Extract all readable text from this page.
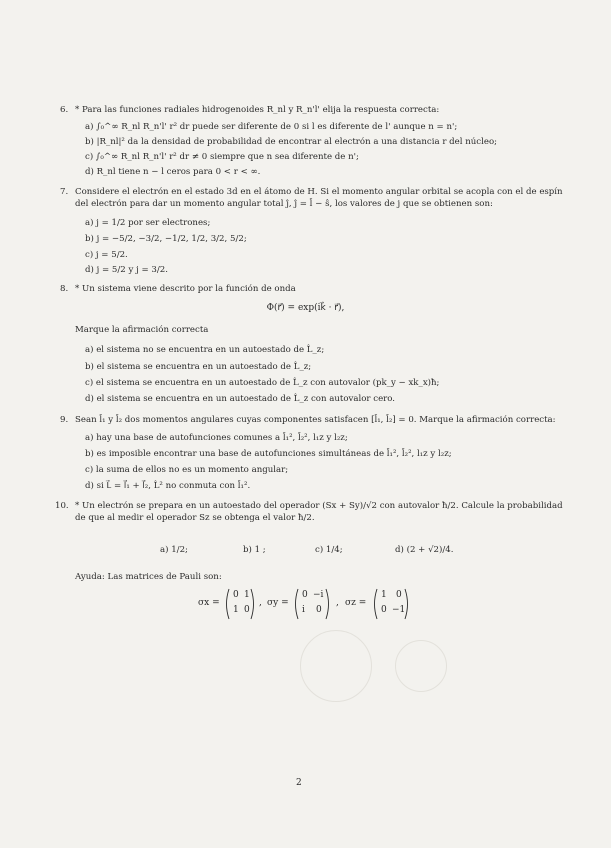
6. * Para las funciones radiales hidrogenoides R_nl y R_n'l' elija la respuesta correcta:
a) ∫₀^∞ R_nl R_n'l' r² dr puede ser diferente de 0 si l es diferente de l' aunque n = n';
b) |R_nl|² da la densidad de probabilidad de encontrar al electrón a una distancia r del núcleo;
c) ∫₀^∞ R_nl R_n'l' r² dr ≠ 0 siempre que n sea diferente de n';
d) R_nl tiene n − l ceros para 0 < r < ∞.
7. Considere el electrón en el estado 3d en el átomo de H. Si el momento angular orbital se acopla con el de espín
del electrón para dar un momento angular total ĵ, ĵ = l̂ − ŝ, los valores de j que se obtienen son:
a) j = 1/2 por ser electrones;
b) j = −5/2, −3/2, −1/2, 1/2, 3/2, 5/2;
c) j = 5/2.
d) j = 5/2 y j = 3/2.
8. * Un sistema viene descrito por la función de onda
Φ(r⃗) = exp(ik⃗ · r⃗),
Marque la afirmación correcta
a) el sistema no se encuentra en un autoestado de L̂_z;
b) el sistema se encuentra en un autoestado de L̂_z;
c) el sistema se encuentra en un autoestado de L̂_z con autovalor (pk_y − xk_x)ħ;
d) el sistema se encuentra en un autoestado de L̂_z con autovalor cero.
9. Sean l̂₁ y l̂₂ dos momentos angulares cuyas componentes satisfacen [l̂₁, l̂₂] = 0. Marque la afirmación correcta:
a) hay una base de autofunciones comunes a l̂₁², l̂₂², l₁z y l₂z;
b) es imposible encontrar una base de autofunciones simultáneas de l̂₁², l̂₂², l₁z y l₂z;
c) la suma de ellos no es un momento angular;
d) si L⃗ = l⃗₁ + l⃗₂, L̂² no conmuta con l̂₁².
10. * Un electrón se prepara en un autoestado del operador (Sx + Sy)/√2 con autovalor ħ/2. Calcule la probabilidad
de que al medir el operador Sz se obtenga el valor ħ/2.
a) 1/2;	b) 1 ;	c) 1/4;	d) (2 + √2)/4.
Ayuda: Las matrices de Pauli son:
σx =
0 1
1 0
, σy =
0 −i
i 0
, σz =
1 0
0 −1
2
